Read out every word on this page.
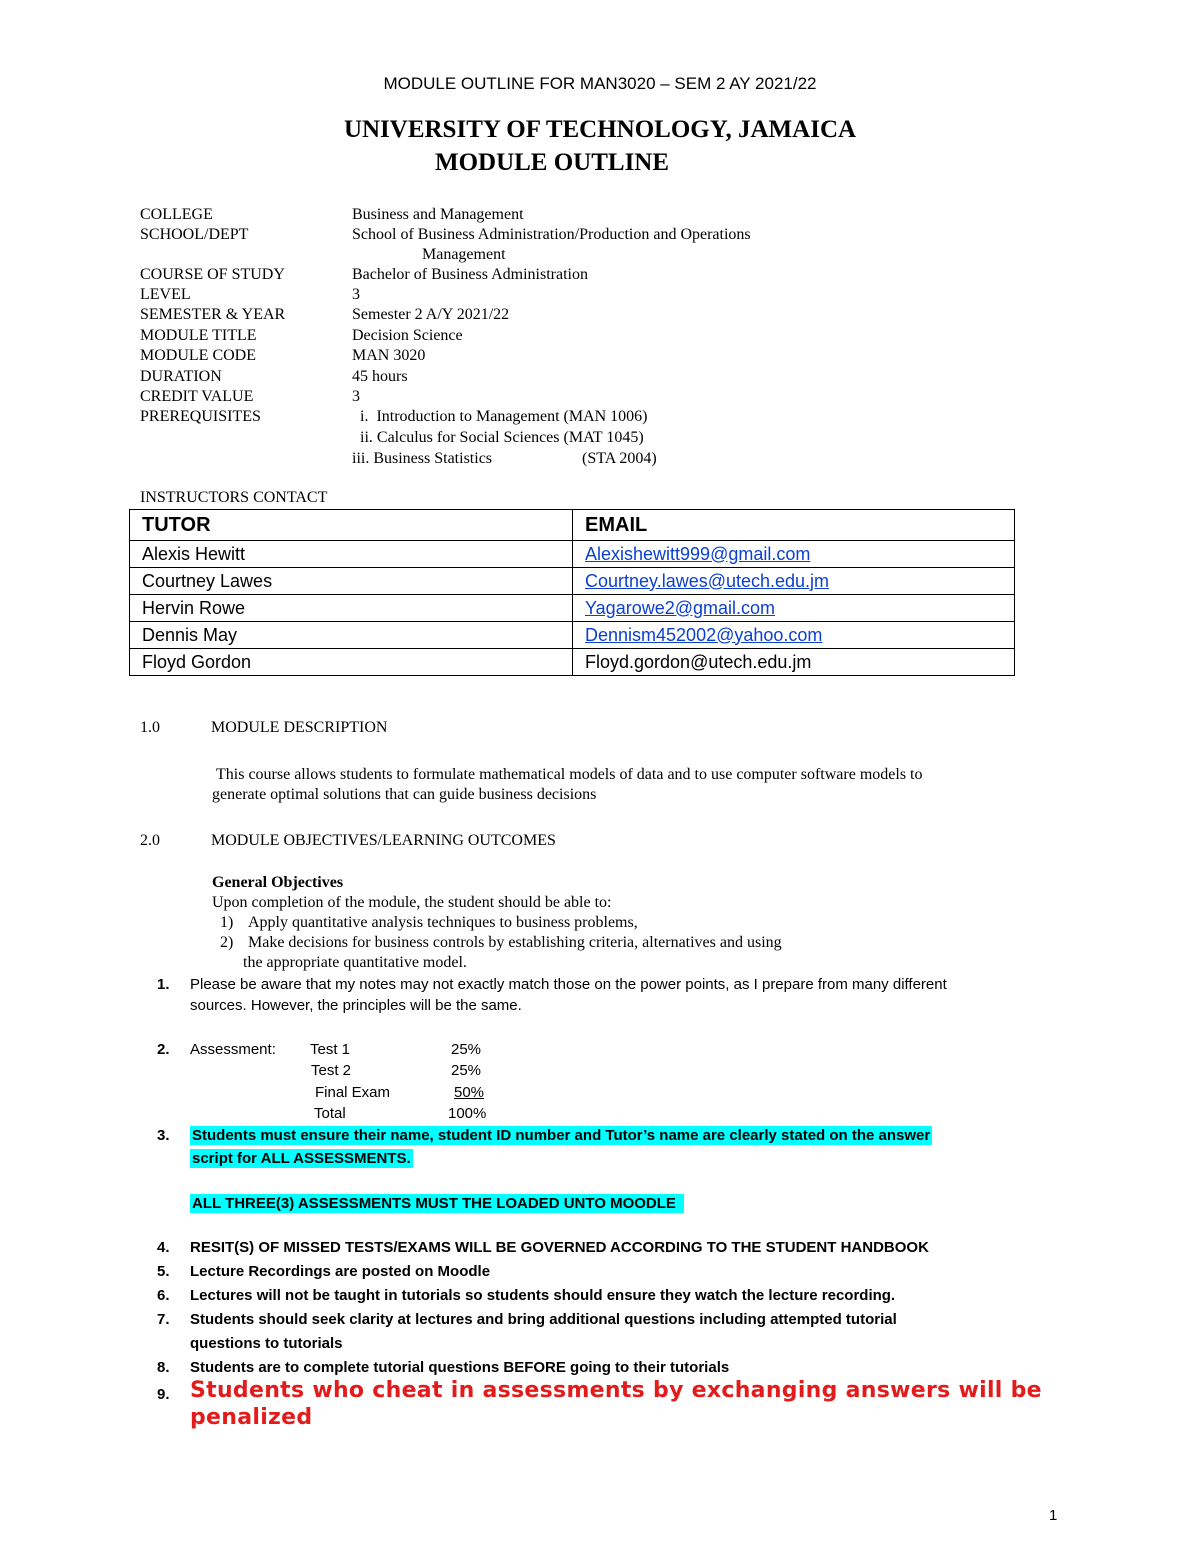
MODULE OUTLINE FOR MAN3020 – SEM 2 AY 2021/22
UNIVERSITY OF TECHNOLOGY, JAMAICA
MODULE OUTLINE
COLLEGE	Business and Management
SCHOOL/DEPT	School of Business Administration/Production and Operations
Management
COURSE OF STUDY	Bachelor of Business Administration
LEVEL	3
SEMESTER & YEAR	Semester 2 A/Y 2021/22
MODULE TITLE	Decision Science
MODULE CODE	MAN 3020
DURATION	45 hours
CREDIT VALUE	3
PREREQUISITES	i.  Introduction to Management (MAN 1006)
ii. Calculus for Social Sciences (MAT 1045)
iii. Business Statistics	(STA 2004)
INSTRUCTORS CONTACT
TUTOR	EMAIL
Alexis Hewitt	Alexishewitt999@gmail.com
Courtney Lawes	Courtney.lawes@utech.edu.jm
Hervin Rowe	Yagarowe2@gmail.com
Dennis May	Dennism452002@yahoo.com
Floyd Gordon	Floyd.gordon@utech.edu.jm
1.0	MODULE DESCRIPTION
This course allows students to formulate mathematical models of data and to use computer software models to
generate optimal solutions that can guide business decisions
2.0	MODULE OBJECTIVES/LEARNING OUTCOMES
General Objectives
Upon completion of the module, the student should be able to:
1) Apply quantitative analysis techniques to business problems,
2) Make decisions for business controls by establishing criteria, alternatives and using
the appropriate quantitative model.
1. Please be aware that my notes may not exactly match those on the power points, as I prepare from many different
sources. However, the principles will be the same.
2. Assessment: Test 1	25%
Test 2	25%
Final Exam	50%
Total	100%
3. Students must ensure their name, student ID number and Tutor’s name are clearly stated on the answer
script for ALL ASSESSMENTS.
ALL THREE(3) ASSESSMENTS MUST THE LOADED UNTO MOODLE
4. RESIT(S) OF MISSED TESTS/EXAMS WILL BE GOVERNED ACCORDING TO THE STUDENT HANDBOOK
5. Lecture Recordings are posted on Moodle
6. Lectures will not be taught in tutorials so students should ensure they watch the lecture recording.
7. Students should seek clarity at lectures and bring additional questions including attempted tutorial
questions to tutorials
8. Students are to complete tutorial questions BEFORE going to their tutorials
9. Students who cheat in assessments by exchanging answers will be
penalized
1
